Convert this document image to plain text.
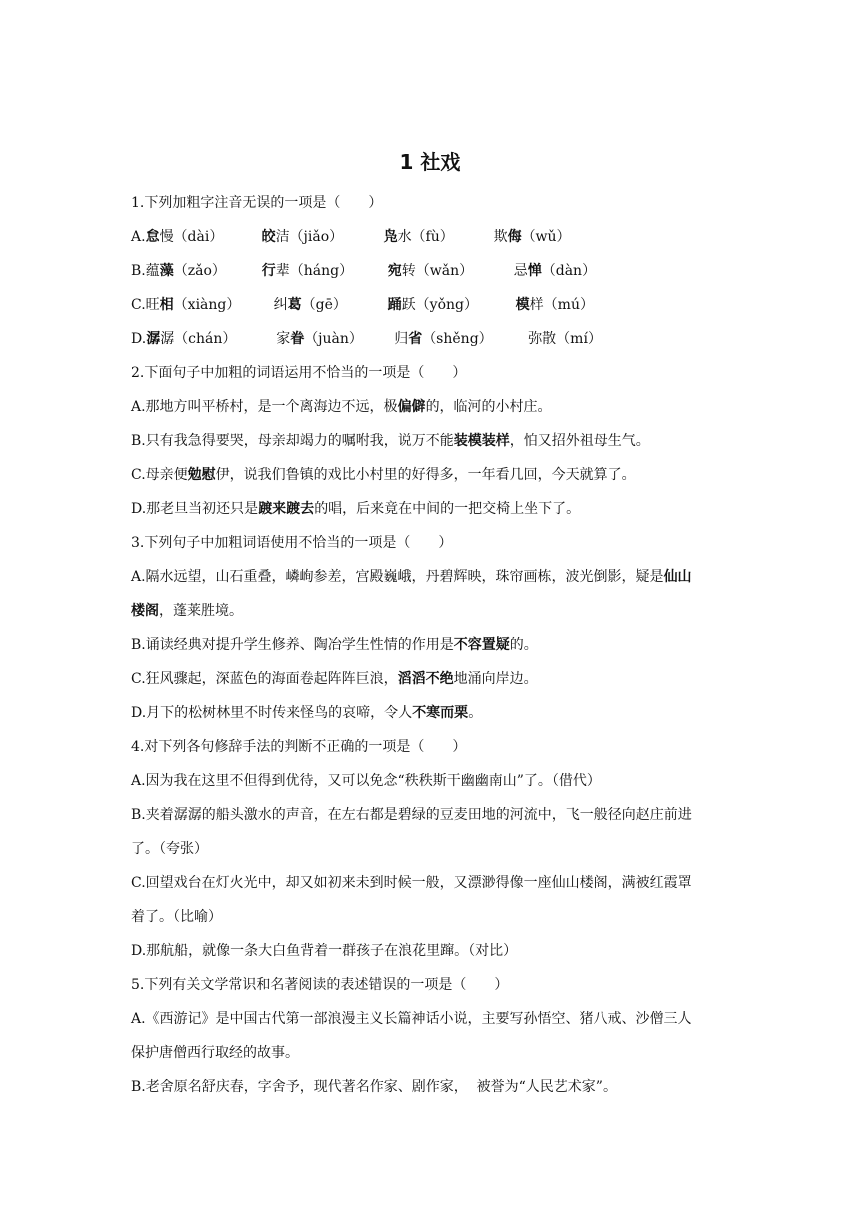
1 社戏
1.下列加粗字注音无误的一项是（　　）
A. 怠慢（dài）	皎洁（jiǎo）	凫水（fù）	欺侮（wǔ）
B. 蕴藻（zǎo）	行辈（háng）	宛转（wǎn）	忌惮（dàn）
C. 旺相（xiàng）	纠葛（gē）	踊跃（yǒng）	模样（mú）
D. 潺潺（chán）	家眷（juàn）	归省（shěng）	弥散（mí）
2.下面句子中加粗的词语运用不恰当的一项是（　　）
A.那地方叫平桥村，是一个离海边不远，极偏僻的，临河的小村庄。
B.只有我急得要哭，母亲却竭力的嘱咐我，说万不能装模装样，怕又招外祖母生气。
C.母亲便勉慰伊，说我们鲁镇的戏比小村里的好得多，一年看几回，今天就算了。
D.那老旦当初还只是踱来踱去的唱，后来竟在中间的一把交椅上坐下了。
3.下列句子中加粗词语使用不恰当的一项是（　　）
A.隔水远望，山石重叠，嶙峋参差，宫殿巍峨，丹碧辉映，珠帘画栋，波光倒影，疑是仙山
楼阁，蓬莱胜境。
B.诵读经典对提升学生修养、陶冶学生性情的作用是不容置疑的。
C.狂风骤起，深蓝色的海面卷起阵阵巨浪，滔滔不绝地涌向岸边。
D.月下的松树林里不时传来怪鸟的哀啼，令人不寒而栗。
4.对下列各句修辞手法的判断不正确的一项是（　　）
A.因为我在这里不但得到优待，又可以免念“秩秩斯干幽幽南山”了。（借代）
B.夹着潺潺的船头激水的声音，在左右都是碧绿的豆麦田地的河流中，飞一般径向赵庄前进
了。（夸张）
C.回望戏台在灯火光中，却又如初来未到时候一般，又漂渺得像一座仙山楼阁，满被红霞罩
着了。（比喻）
D.那航船，就像一条大白鱼背着一群孩子在浪花里蹿。（对比）
5.下列有关文学常识和名著阅读的表述错误的一项是（　　）
A.《西游记》是中国古代第一部浪漫主义长篇神话小说，主要写孙悟空、猪八戒、沙僧三人
保护唐僧西行取经的故事。
B.老舍原名舒庆春，字舍予，现代著名作家、剧作家，  被誉为“人民艺术家”。
